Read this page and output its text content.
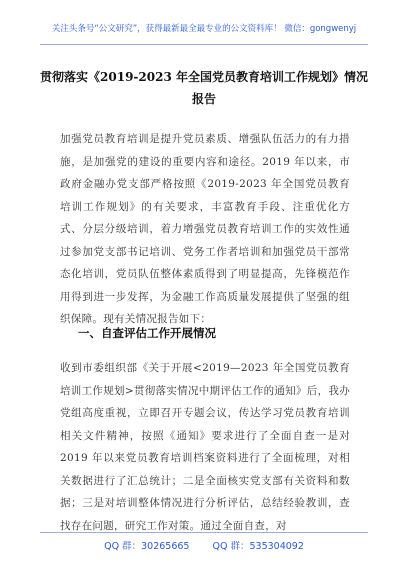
关注头条号“公文研究”，获得最新最全最专业的公文资料库！ 微信：gongwenyj
贯彻落实《2019-2023 年全国党员教育培训工作规划》情况
报告

加强党员教育培训是提升党员素质、增强队伍活力的有力措施，是加强党的建设的重要内容和途径。2019 年以来，市政府金融办党支部严格按照《2019-2023 年全国党员教育培训工作规划》的有关要求，丰富教育手段、注重优化方式、分层分级培训，着力增强党员教育培训工作的实效性通过参加党支部书记培训、党务工作者培训和加强党员干部常态化培训，党员队伍整体素质得到了明显提高，先锋模范作用得到进一步发挥，为金融工作高质量发展提供了坚强的组织保障。现有关情况报告如下：

一、自查评估工作开展情况

收到市委组织部《关于开展<2019—2023 年全国党员教育培训工作规划>贯彻落实情况中期评估工作的通知》后，我办党组高度重视，立即召开专题会议，传达学习党员教育培训相关文件精神，按照《通知》要求进行了全面自查一是对 2019 年以来党员教育培训档案资料进行了全面梳理，对相关数据进行了汇总统计；二是全面核实党支部有关资料和数据；三是对培训整体情况进行分析评估，总结经验教训，查找存在问题，研究工作对策。通过全面自查，对

QQ 群：30265665 QQ 群：535304092
